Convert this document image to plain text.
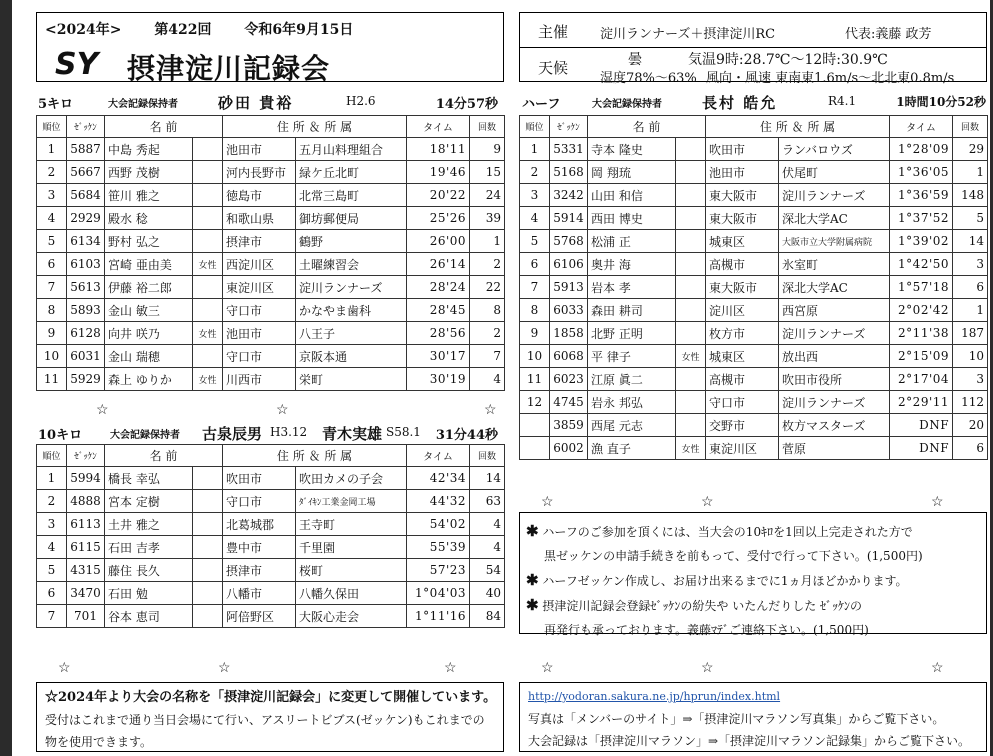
<2024年> 第422回 令和6年9月15日
SY 摂津淀川記録会
主催 淀川ランナーズ＋摂津淀川RC	代表:義藤 政芳
天候	曇	気温9時:28.7℃～12時:30.9℃
湿度78%～63% 風向・風速 東南東1.6m/s～北北東0.8m/s
5キロ	大会記録保持者	砂田 貴裕	H2.6	14分57秒
順位	ｾﾞｯｹﾝ	名 前		住 所 ＆ 所 属		タイム	回数
1	5887	中島 秀起		池田市	五月山料理組合	18'11	9
2	5667	西野 茂樹		河内長野市	緑ケ丘北町	19'46	15
3	5684	笹川 雅之		徳島市	北常三島町	20'22	24
4	2929	殿水 稔		和歌山県	御坊郵便局	25'26	39
5	6134	野村 弘之		摂津市	鶴野	26'00	1
6	6103	宮崎 亜由美	女性	西淀川区	土曜練習会	26'14	2
7	5613	伊藤 裕二郎		東淀川区	淀川ランナーズ	28'24	22
8	5893	金山 敏三		守口市	かなやま歯科	28'45	8
9	6128	向井 咲乃	女性	池田市	八王子	28'56	2
10	6031	金山 瑞穂		守口市	京阪本通	30'17	7
11	5929	森上 ゆりか	女性	川西市	栄町	30'19	4
☆	☆	☆
10キロ	大会記録保持者 古泉辰男 H3.12 青木実雄 S58.1 31分44秒
順位	ｾﾞｯｹﾝ	名 前		住 所 ＆ 所 属		タイム	回数
1	5994	橋長 幸弘		吹田市	吹田カメの子会	42'34	14
2	4888	宮本 定樹		守口市	ﾀﾞｲｷﾝ工業金岡工場	44'32	63
3	6113	土井 雅之		北葛城郡	王寺町	54'02	4
4	6115	石田 吉孝		豊中市	千里園	55'39	4
5	4315	藤住 長久		摂津市	桜町	57'23	54
6	3470	石田 勉		八幡市	八幡久保田	1°04'03	40
7	701	谷本 恵司		阿倍野区	大阪心走会	1°11'16	84
ハーフ	大会記録保持者	長村 皓允	R4.1	1時間10分52秒
順位	ｾﾞｯｹﾝ	名 前		住 所 ＆ 所 属		タイム	回数
1	5331	寺本 隆史		吹田市	ランバロウズ	1°28'09	29
2	5168	岡 翔琉		池田市	伏尾町	1°36'05	1
3	3242	山田 和信		東大阪市	淀川ランナーズ	1°36'59	148
4	5914	西田 博史		東大阪市	深北大学AC	1°37'52	5
5	5768	松浦 正		城東区	大阪市立大学附属病院	1°39'02	14
6	6106	奥井 海		高槻市	氷室町	1°42'50	3
7	5913	岩本 孝		東大阪市	深北大学AC	1°57'18	6
8	6033	森田 耕司		淀川区	西宮原	2°02'42	1
9	1858	北野 正明		枚方市	淀川ランナーズ	2°11'38	187
10	6068	平 律子	女性	城東区	放出西	2°15'09	10
11	6023	江原 眞二		高槻市	吹田市役所	2°17'04	3
12	4745	岩永 邦弘		守口市	淀川ランナーズ	2°29'11	112
	3859	西尾 元志		交野市	枚方マスターズ	DNF	20
	6002	漁 直子	女性	東淀川区	菅原	DNF	6
☆	☆	☆
✱ ハーフのご参加を頂くには、当大会の10ｷﾛを1回以上完走された方で
黒ゼッケンの申請手続きを前もって、受付で行って下さい。(1,500円)
✱ ハーフゼッケン作成し、お届け出来るまでに1ヵ月ほどかかります。
✱ 摂津淀川記録会登録ｾﾞｯｹﾝの紛失や いたんだりした ｾﾞｯｹﾝの
再発行も承っております。義藤ﾏﾃﾞご連絡下さい。(1,500円)
☆	☆	☆	☆	☆	☆
☆2024年より大会の名称を「摂津淀川記録会」に変更して開催しています。
受付はこれまで通り当日会場にて行い、アスリートビブス(ゼッケン)もこれまでの
物を使用できます。
http://yodoran.sakura.ne.jp/hprun/index.html
写真は「メンバーのサイト」⇒「摂津淀川マラソン写真集」からご覧下さい。
大会記録は「摂津淀川マラソン」⇒「摂津淀川マラソン記録集」からご覧下さい。
